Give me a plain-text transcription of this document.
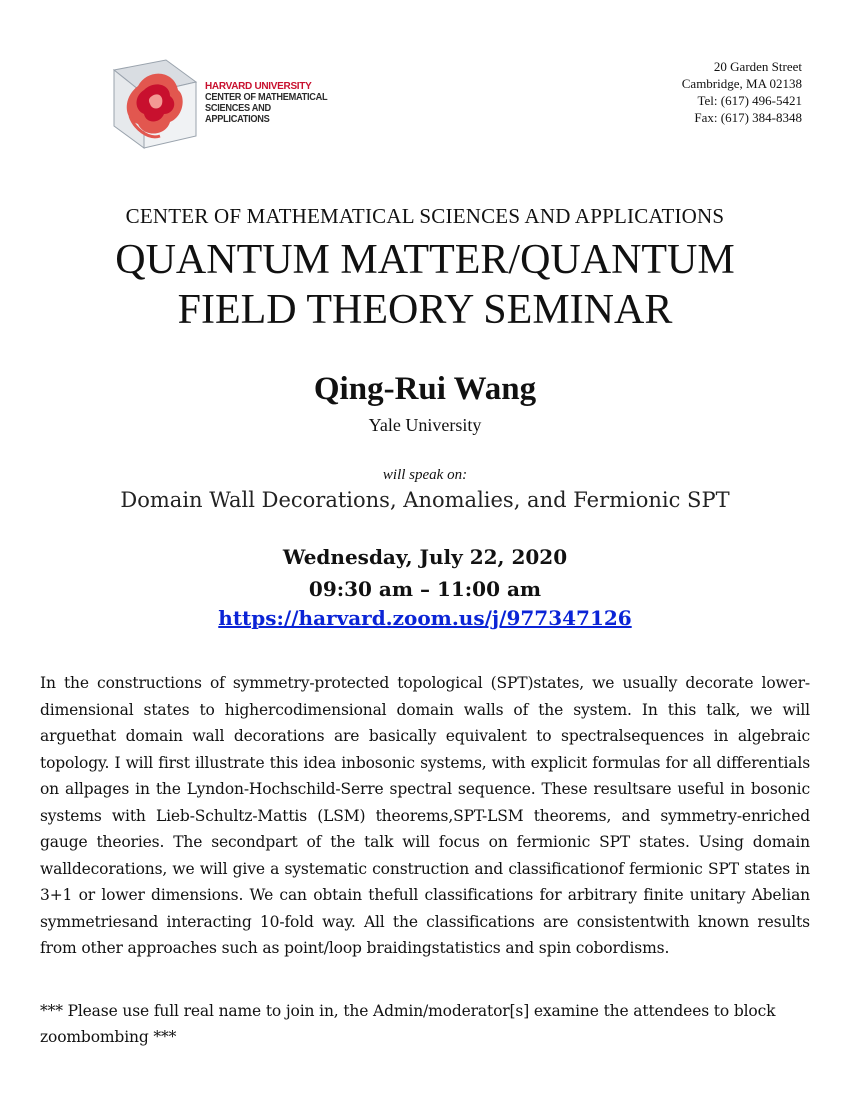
HARVARD UNIVERSITY
CENTER OF MATHEMATICAL
SCIENCES AND APPLICATIONS
20 Garden Street
Cambridge, MA 02138
Tel: (617) 496-5421
Fax: (617) 384-8348
CENTER OF MATHEMATICAL SCIENCES AND APPLICATIONS
QUANTUM MATTER/QUANTUM
FIELD THEORY SEMINAR
Qing-Rui Wang
Yale University
will speak on:
Domain Wall Decorations, Anomalies, and Fermionic SPT
Wednesday, July 22, 2020
09:30 am – 11:00 am
https://harvard.zoom.us/j/977347126

In the constructions of symmetry-protected topological (SPT)states, we usually decorate lower-dimensional states to highercodimensional domain walls of the system. In this talk, we will arguethat domain wall decorations are basically equivalent to spectralsequences in algebraic topology. I will first illustrate this idea inbosonic systems, with explicit formulas for all differentials on allpages in the Lyndon-Hochschild-Serre spectral sequence. These resultsare useful in bosonic systems with Lieb-Schultz-Mattis (LSM) theorems,SPT-LSM theorems, and symmetry-enriched gauge theories. The secondpart of the talk will focus on fermionic SPT states. Using domain walldecorations, we will give a systematic construction and classificationof fermionic SPT states in 3+1 or lower dimensions. We can obtain thefull classifications for arbitrary finite unitary Abelian symmetriesand interacting 10-fold way. All the classifications are consistentwith known results from other approaches such as point/loop braidingstatistics and spin cobordisms.

*** Please use full real name to join in, the Admin/moderator[s] examine the attendees to block zoombombing ***
